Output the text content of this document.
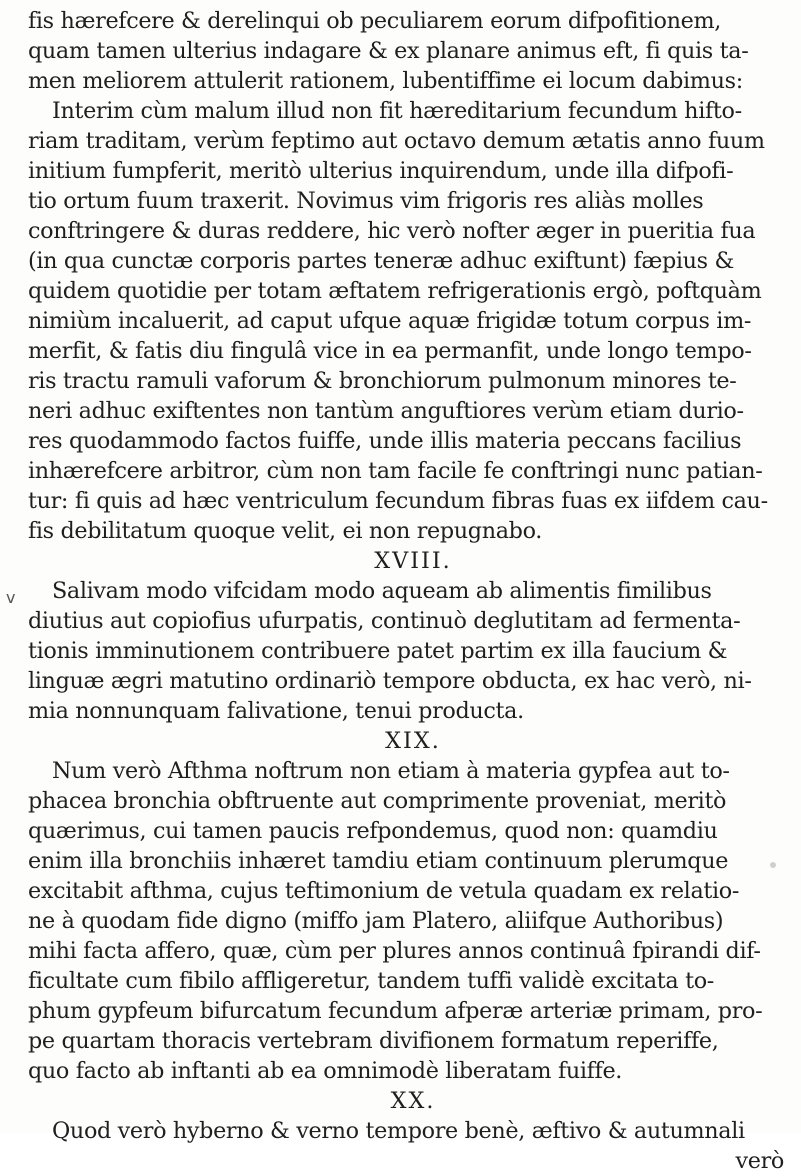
fis hærefcere & derelinqui ob peculiarem eorum difpofitionem,
quam tamen ulterius indagare & ex planare animus eft, fi quis ta-
men meliorem attulerit rationem, lubentiffime ei locum dabimus:
Interim cùm malum illud non fit hæreditarium fecundum hifto-
riam traditam, verùm feptimo aut octavo demum ætatis anno fuum
initium fumpferit, meritò ulterius inquirendum, unde illa difpofi-
tio ortum fuum traxerit. Novimus vim frigoris res aliàs molles
conftringere & duras reddere, hic verò nofter æger in pueritia fua
(in qua cunctæ corporis partes teneræ adhuc exiftunt) fæpius &
quidem quotidie per totam æftatem refrigerationis ergò, poftquàm
nimiùm incaluerit, ad caput ufque aquæ frigidæ totum corpus im-
merfit, & fatis diu fingulâ vice in ea permanfit, unde longo tempo-
ris tractu ramuli vaforum & bronchiorum pulmonum minores te-
neri adhuc exiftentes non tantùm anguftiores verùm etiam durio-
res quodammodo factos fuiffe, unde illis materia peccans facilius
inhærefcere arbitror, cùm non tam facile fe conftringi nunc patian-
tur: fi quis ad hæc ventriculum fecundum fibras fuas ex iifdem cau-
fis debilitatum quoque velit, ei non repugnabo.
XVIII.
Salivam modo vifcidam modo aqueam ab alimentis fimilibus
diutius aut copiofius ufurpatis, continuò deglutitam ad fermenta-
tionis imminutionem contribuere patet partim ex illa faucium &
linguæ ægri matutino ordinariò tempore obducta, ex hac verò, ni-
mia nonnunquam falivatione, tenui producta.
XIX.
Num verò Afthma noftrum non etiam à materia gypfea aut to-
phacea bronchia obftruente aut comprimente proveniat, meritò
quærimus, cui tamen paucis refpondemus, quod non: quamdiu
enim illa bronchiis inhæret tamdiu etiam continuum plerumque
excitabit afthma, cujus teftimonium de vetula quadam ex relatio-
ne à quodam fide digno (miffo jam Platero, aliifque Authoribus)
mihi facta affero, quæ, cùm per plures annos continuâ fpirandi dif-
ficultate cum fibilo affligeretur, tandem tuffi validè excitata to-
phum gypfeum bifurcatum fecundum afperæ arteriæ primam, pro-
pe quartam thoracis vertebram divifionem formatum reperiffe,
quo facto ab inftanti ab ea omnimodè liberatam fuiffe.
XX.
Quod verò hyberno & verno tempore benè, æftivo & autumnali
verò
v
